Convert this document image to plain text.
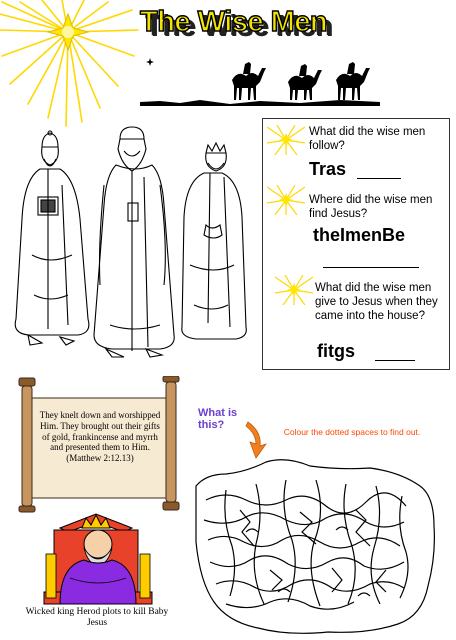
The Wise Men
What did the wise men follow?
Tras
Where did the wise men find Jesus?
theImenBe
What did the wise men give to Jesus when they came into the house?
fitgs
They knelt down and worshipped Him. They brought out their gifts of gold, frankincense and myrrh and presented them to Him.
(Matthew 2:12.13)
What is this?
Colour the dotted spaces to find out.
Wicked king Herod plots to kill Baby Jesus
